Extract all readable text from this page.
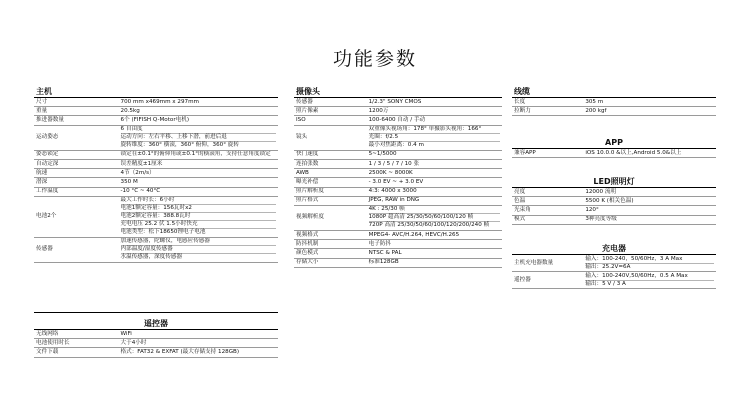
功能参数
主机
尺寸	700 mm x469mm x 297mm

重量	20.5kg

推进器数量	6个 (FIFISH Q-Motor电机)

运动姿态	6 自由度
运动方向：左右平移、上移下潜，前进后退
旋转维度：360° 横滚，360° 俯仰，360° 旋转

姿态锁定	锁定在±0.1°的俯仰角或±0.1°的横滚角，支持任意角度锁定

自动定深	误差精度±1厘米

航速	4节（2m/s）

潜深	350 M

工作温度	-10 °C ~ 40°C

电池2个	最大工作时长：6小时
电池1额定容量：156瓦时x2
电池2额定容量：388.8瓦时
充电电压 25.2 伏 1.5小时快充
电池类型：松下18650锂电子电池

传感器	加速传感器，陀螺仪，电感应传感器
内部温度/湿度传感器
水温传感器，深度传感器
遥控器
无线网络	WiFi

电池使用时长	大于4小时

文件下载	格式：FAT32 & EXFAT (最大存储支持 128GB)
摄像头
传感器	1/2.3" SONY CMOS

照片像素	1200万

ISO	100-6400 自动 / 手动

镜头	双重像头视场角：178° 单摄影头视角：166°
光圈：f/2.5
最小对焦距离：0.4 m

快门速度	5~1/5000

连拍张数	1 / 3 / 5 / 7 / 10 张

AWB	2500K ~ 8000K

曝光补偿	- 3.0 EV ~ + 3.0 EV

照片解析度	4:3: 4000 x 3000

照片格式	JPEG, RAW in DNG

视频解析度	4K : 25/30 帧
1080P 超高清 25/30/50/60/100/120 帧
720P 高清 25/30/50/60/100/120/200/240 帧

视频格式	MPEG4- AVC/H.264, HEVC/H.265

防抖机制	电子防抖

颜色模式	NTSC & PAL

存储大小	标准128GB
线缆
长度	305 m

拉断力	200 kgf
APP
兼容APP	iOS 10.0.0 &以上,Android 5.0&以上
LED照明灯
亮度	12000 流明

色温	5500 K (相关色温)

光束角	120°

模式	3种亮度等级
充电器
主机充电器数量	输入：100-240，50/60Hz，3 A Max
输出：25.2V=6A

遥控器	输入：100-240V,50/60Hz，0.5 A Max
输出：5 V / 3 A
